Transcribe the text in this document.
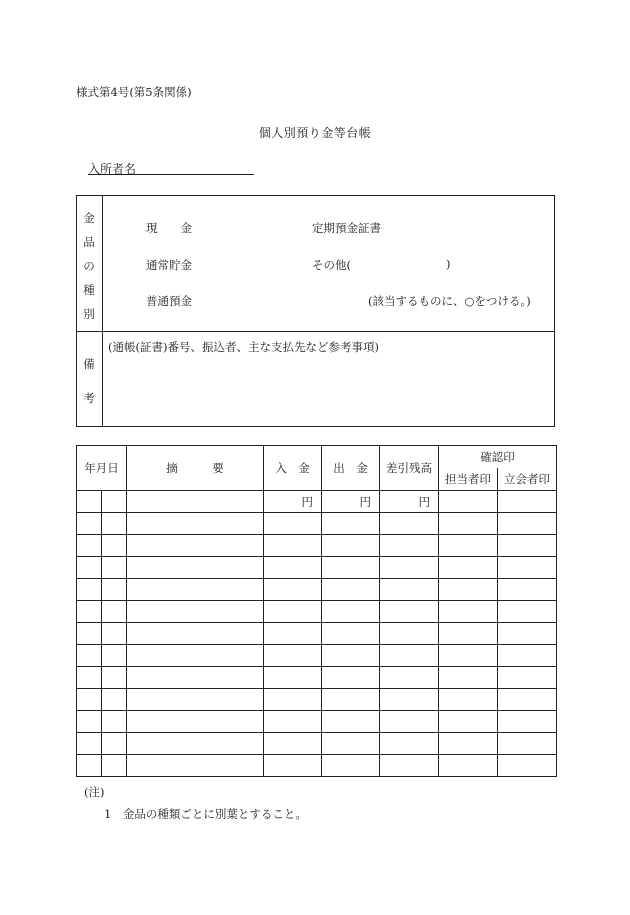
様式第4号(第5条関係)
個人別預り金等台帳
入所者名
金
品
の
種
別
現　　金	定期預金証書
通常貯金	その他(	)
普通預金	(該当するものに、○をつける。)
備
考
(通帳(証書)番号、振込者、主な支払先など参考事項)
年月日		摘　　　要	入　金	出　金	差引残高	確認印	
						担当者印	立会者印
			円	円	円		

(注)
1　金品の種類ごとに別葉とすること。
